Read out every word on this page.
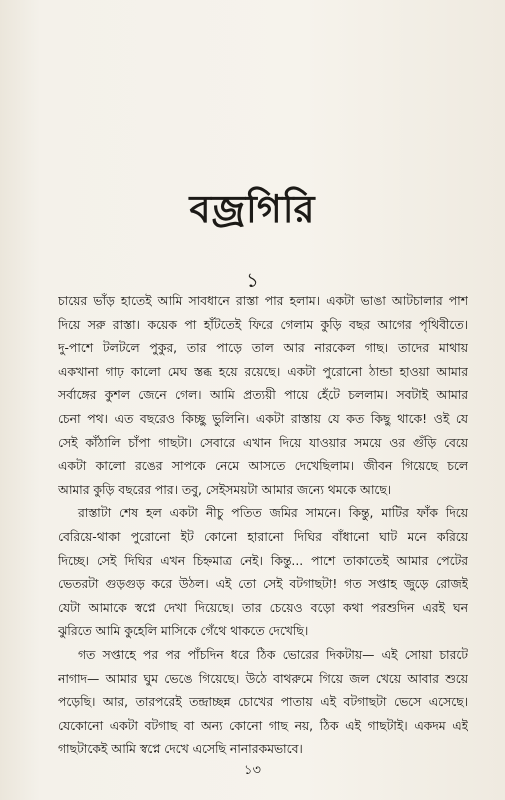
বজ্রগিরি
১
চায়ের ভাঁড় হাতেই আমি সাবধানে রাস্তা পার হলাম। একটা ভাঙা আটচালার পাশ
দিয়ে সরু রাস্তা। কয়েক পা হাঁটতেই ফিরে গেলাম কুড়ি বছর আগের পৃথিবীতে।
দু-পাশে টলটলে পুকুর, তার পাড়ে তাল আর নারকেল গাছ। তাদের মাথায়
একখানা গাঢ় কালো মেঘ স্তব্ধ হয়ে রয়েছে। একটা পুরোনো ঠান্ডা হাওয়া আমার
সর্বাঙ্গের কুশল জেনে গেল। আমি প্রত্যয়ী পায়ে হেঁটে চললাম। সবটাই আমার
চেনা পথ। এত বছরেও কিচ্ছু ভুলিনি। একটা রাস্তায় যে কত কিছু থাকে! ওই যে
সেই কাঁঠালি চাঁপা গাছটা। সেবারে এখান দিয়ে যাওয়ার সময়ে ওর গুঁড়ি বেয়ে
একটা কালো রঙের সাপকে নেমে আসতে দেখেছিলাম। জীবন গিয়েছে চলে
আমার কুড়ি বছরের পার। তবু, সেইসময়টা আমার জন্যে থমকে আছে।
রাস্তাটা শেষ হল একটা নীচু পতিত জমির সামনে। কিন্তু, মাটির ফাঁক দিয়ে
বেরিয়ে-থাকা পুরোনো ইট কোনো হারানো দিঘির বাঁধানো ঘাট মনে করিয়ে
দিচ্ছে। সেই দিঘির এখন চিহ্নমাত্র নেই। কিন্তু... পাশে তাকাতেই আমার পেটের
ভেতরটা গুড়গুড় করে উঠল। এই তো সেই বটগাছটা! গত সপ্তাহ জুড়ে রোজই
যেটা আমাকে স্বপ্নে দেখা দিয়েছে। তার চেয়েও বড়ো কথা পরশুদিন এরই ঘন
ঝুরিতে আমি কুহেলি মাসিকে গেঁথে থাকতে দেখেছি।
গত সপ্তাহে পর পর পাঁচদিন ধরে ঠিক ভোরের দিকটায়— এই সোয়া চারটে
নাগাদ— আমার ঘুম ভেঙে গিয়েছে। উঠে বাথরুমে গিয়ে জল খেয়ে আবার শুয়ে
পড়েছি। আর, তারপরেই তন্দ্রাচ্ছন্ন চোখের পাতায় এই বটগাছটা ভেসে এসেছে।
যেকোনো একটা বটগাছ বা অন্য কোনো গাছ নয়, ঠিক এই গাছটাই। একদম এই
গাছটাকেই আমি স্বপ্নে দেখে এসেছি নানারকমভাবে।
১৩
